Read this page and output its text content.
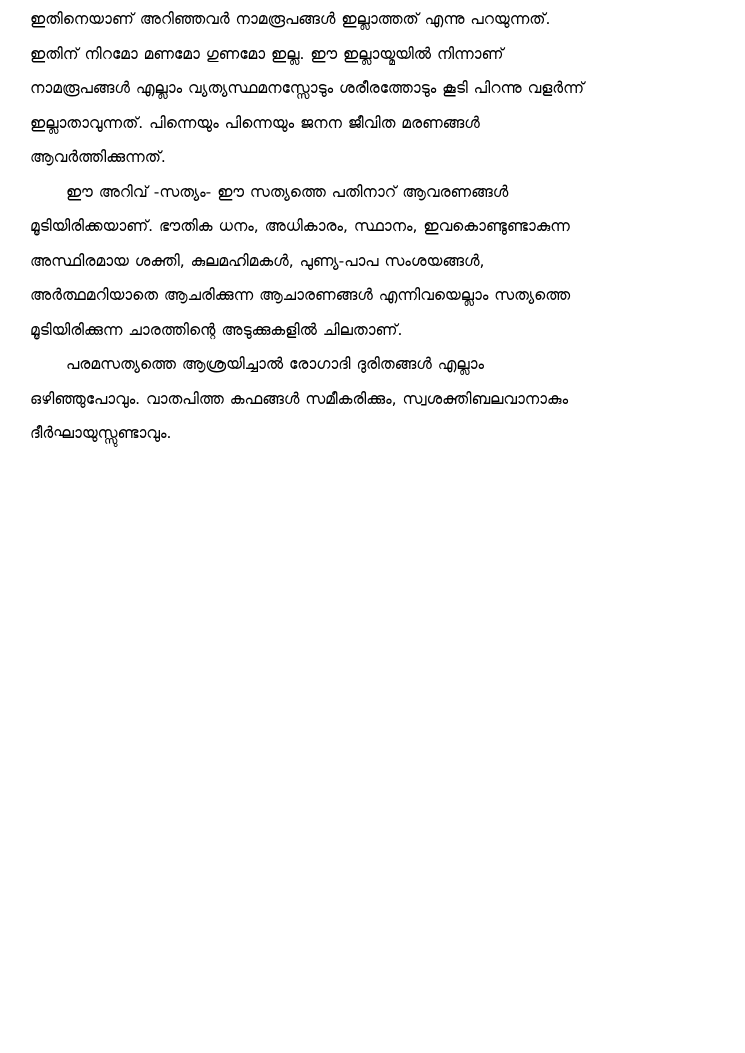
ഇതിനെയാണ് അറിഞ്ഞവർ നാമരൂപങ്ങൾ ഇല്ലാത്തത് എന്നു പറയുന്നത്.
ഇതിന് നിറമോ മണമോ ഗുണമോ ഇല്ല. ഈ ഇല്ലായ്മയിൽ നിന്നാണ്
നാമരൂപങ്ങൾ എല്ലാം വ്യത്യസ്ഥമനസ്സോടും ശരീരത്തോടും കൂടി പിറന്നു വളർന്ന്
ഇല്ലാതാവുന്നത്. പിന്നെയും പിന്നെയും ജനന ജീവിത മരണങ്ങൾ
ആവർത്തിക്കുന്നത്.

ഈ അറിവ് -സത്യം- ഈ സത്യത്തെ പതിനാറ് ആവരണങ്ങൾ
മൂടിയിരിക്കയാണ്. ഭൗതിക ധനം, അധികാരം, സ്ഥാനം, ഇവകൊണ്ടുണ്ടാകുന്ന
അസ്ഥിരമായ ശക്തി, കുലമഹിമകൾ, പുണ്യ-പാപ സംശയങ്ങൾ,
അർത്ഥമറിയാതെ ആചരിക്കുന്ന ആചാരണങ്ങൾ എന്നിവയെല്ലാം സത്യത്തെ
മൂടിയിരിക്കുന്ന ചാരത്തിന്റെ അടുക്കുകളിൽ ചിലതാണ്.

പരമസത്യത്തെ ആശ്രയിച്ചാൽ രോഗാദി ദുരിതങ്ങൾ എല്ലാം
ഒഴിഞ്ഞുപോവും. വാതപിത്ത കഫങ്ങൾ സമീകരിക്കും, സ്വശക്തിബലവാനാകും
ദീർഘായുസ്സുണ്ടാവും.
